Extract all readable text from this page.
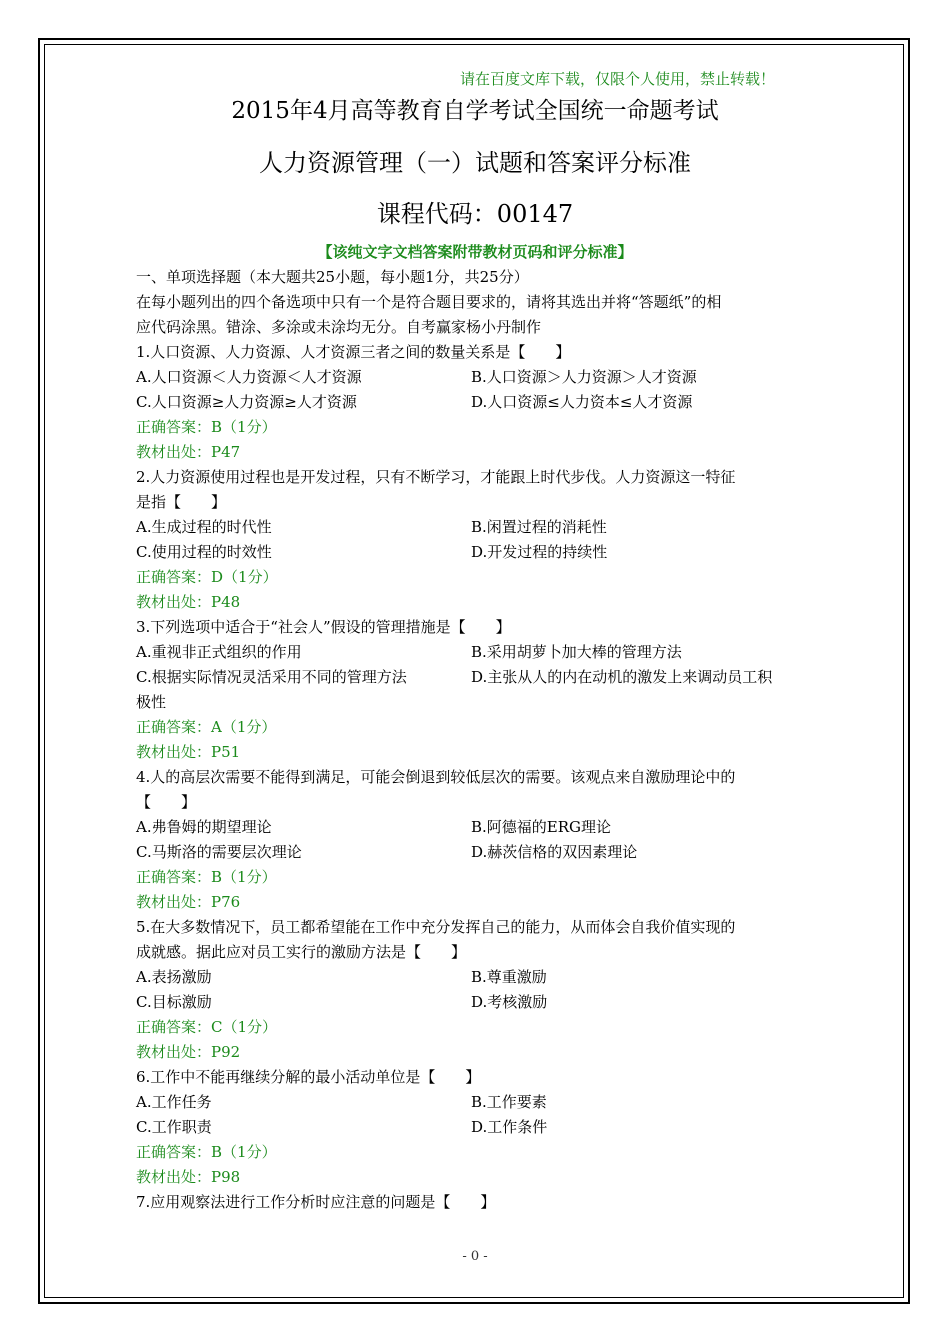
请在百度文库下载，仅限个人使用，禁止转载！
2015年4月高等教育自学考试全国统一命题考试
人力资源管理（一）试题和答案评分标准
课程代码：00147
【该纯文字文档答案附带教材页码和评分标准】
一、单项选择题（本大题共25小题，每小题1分，共25分）
在每小题列出的四个备选项中只有一个是符合题目要求的，请将其选出并将“答题纸”的相
应代码涂黑。错涂、多涂或未涂均无分。自考赢家杨小丹制作
1.人口资源、人力资源、人才资源三者之间的数量关系是【　　】
A.人口资源＜人力资源＜人才资源	B.人口资源＞人力资源＞人才资源
C.人口资源≥人力资源≥人才资源	D.人口资源≤人力资本≤人才资源
正确答案：B（1分）
教材出处：P47
2.人力资源使用过程也是开发过程，只有不断学习，才能跟上时代步伐。人力资源这一特征
是指【　　】
A.生成过程的时代性	B.闲置过程的消耗性
C.使用过程的时效性	D.开发过程的持续性
正确答案：D（1分）
教材出处：P48
3.下列选项中适合于“社会人”假设的管理措施是【　　】
A.重视非正式组织的作用	B.采用胡萝卜加大棒的管理方法
C.根据实际情况灵活采用不同的管理方法	D.主张从人的内在动机的激发上来调动员工积
极性
正确答案：A（1分）
教材出处：P51
4.人的高层次需要不能得到满足，可能会倒退到较低层次的需要。该观点来自激励理论中的
【　　】
A.弗鲁姆的期望理论	B.阿德福的ERG理论
C.马斯洛的需要层次理论	D.赫茨信格的双因素理论
正确答案：B（1分）
教材出处：P76
5.在大多数情况下，员工都希望能在工作中充分发挥自己的能力，从而体会自我价值实现的
成就感。据此应对员工实行的激励方法是【　　】
A.表扬激励	B.尊重激励
C.目标激励	D.考核激励
正确答案：C（1分）
教材出处：P92
6.工作中不能再继续分解的最小活动单位是【　　】
A.工作任务	B.工作要素
C.工作职责	D.工作条件
正确答案：B（1分）
教材出处：P98
7.应用观察法进行工作分析时应注意的问题是【　　】
- 0 -
